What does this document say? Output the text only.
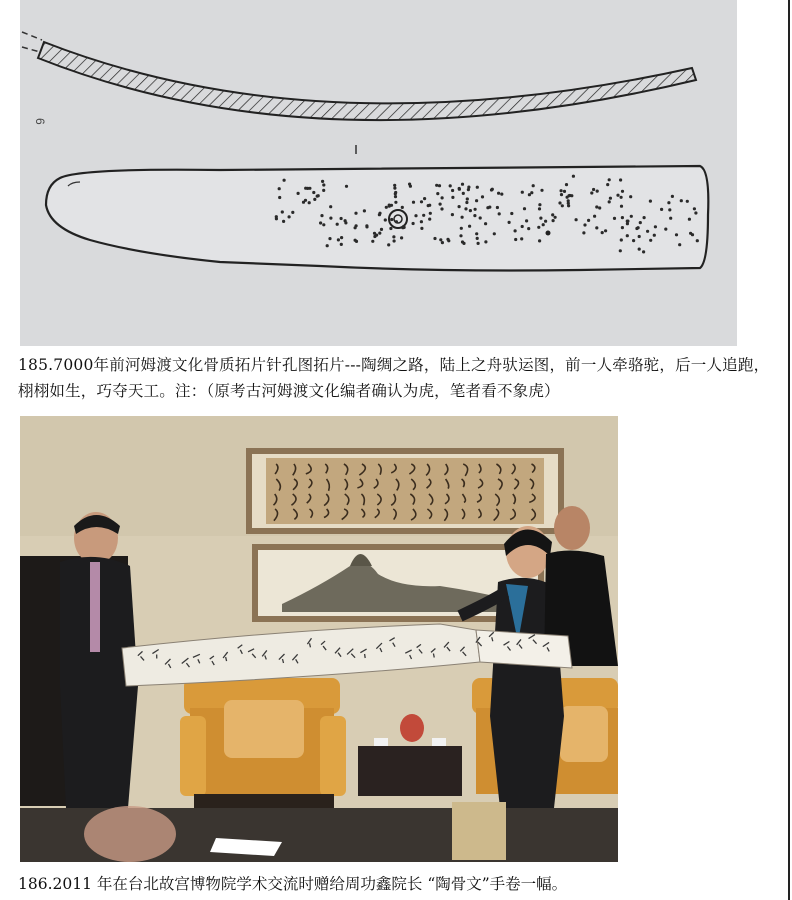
6
185.7000年前河姆渡文化骨质拓片针孔图拓片---陶绸之路，陆上之舟驮运图，前一人牵骆驼，后一人追跑，栩栩如生，巧夺天工。注：（原考古河姆渡文化编者确认为虎，笔者看不象虎）
186.2011 年在台北故宫博物院学术交流时赠给周功鑫院长 “陶骨文”手卷一幅。
